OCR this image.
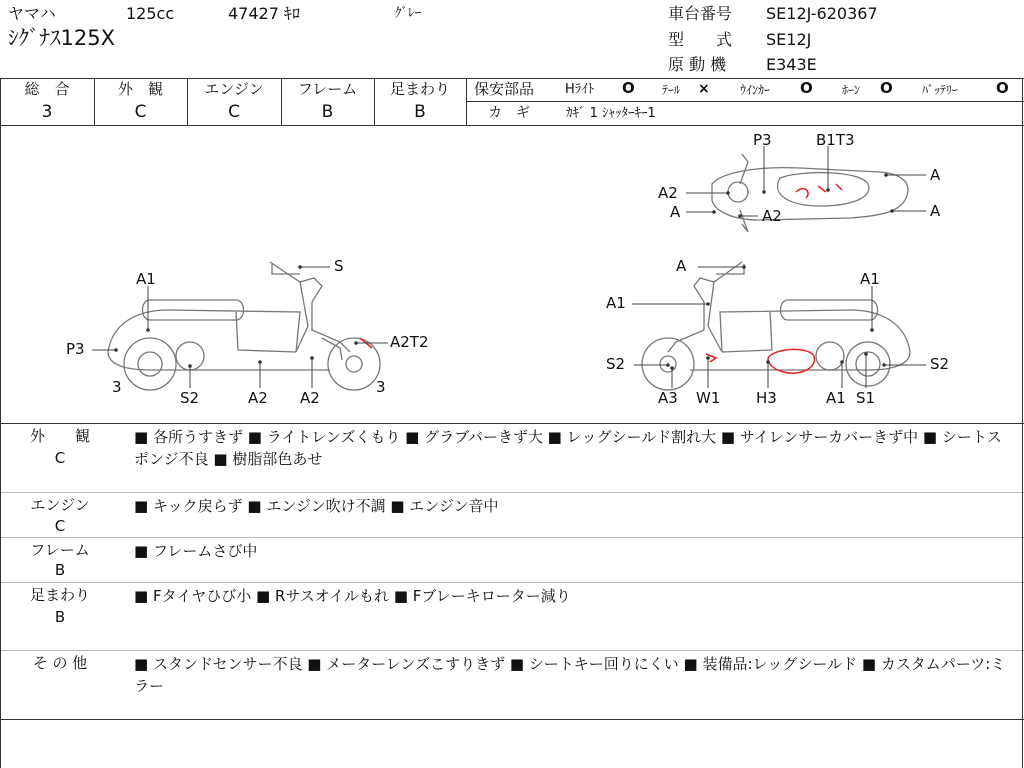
ヤマハ	125cc	47427 ｷﾛ	ｸﾞﾚｰ
ｼｸﾞﾅｽ125X
車台番号 SE12J-620367
型　　式 SE12J
原 動 機 E343E
総　合
3
外　観
C
エンジン
C
フレーム
B
足まわり
B
保安部品 Hﾗｲﾄ O ﾃｰﾙ ×	ｳｲﾝｶｰ O ﾎｰﾝ O ﾊﾞｯﾃﾘｰ	O
カ　ギ	ｶｷﾞ 1 ｼｬｯﾀｰｷｰ1
A1
S
P3	A2T2
3
S2	A2 A2
3
A
A1
A1
S2	S2
A3 W1 H3	A1 S1
P3	B1T3
A2
A
A2
A	A
外　　観
C
■ 各所うすきず ■ ライトレンズくもり ■ グラブバーきず大 ■ レッグシールド割れ大 ■ サイレンサーカバーきず中 ■ シートスポンジ不良 ■ 樹脂部色あせ
エンジン
C
■ キック戻らず ■ エンジン吹け不調 ■ エンジン音中
フレーム
B
■ フレームさび中
足まわり
B
■ Fタイヤひび小 ■ Rサスオイルもれ ■ Fブレーキローター減り
そ の 他	■ スタンドセンサー不良 ■ メーターレンズこすりきず ■ シートキー回りにくい ■ 装備品:レッグシールド ■ カスタムパーツ:ミラー
